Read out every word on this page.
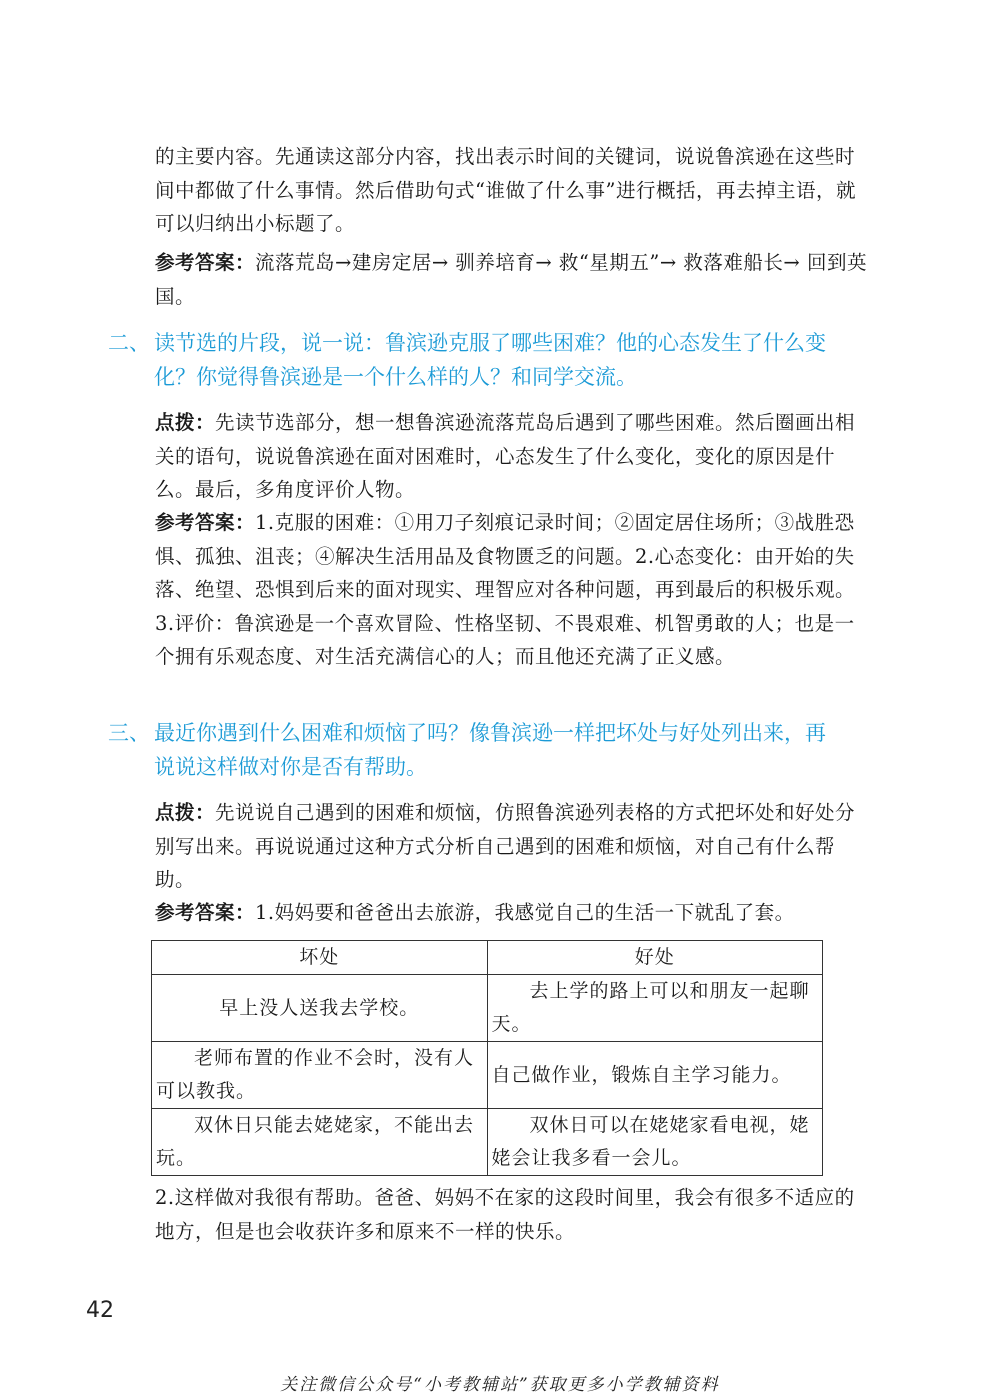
的主要内容。先通读这部分内容，找出表示时间的关键词，说说鲁滨逊在这些时间中都做了什么事情。然后借助句式“谁做了什么事”进行概括，再去掉主语，就可以归纳出小标题了。

参考答案：流落荒岛→建房定居→ 驯养培育→ 救“星期五”→ 救落难船长→ 回到英国。

二、 读节选的片段，说一说：鲁滨逊克服了哪些困难？他的心态发生了什么变
化？你觉得鲁滨逊是一个什么样的人？和同学交流。

点拨：先读节选部分，想一想鲁滨逊流落荒岛后遇到了哪些困难。然后圈画出相关的语句，说说鲁滨逊在面对困难时，心态发生了什么变化，变化的原因是什么。最后，多角度评价人物。

参考答案：1.克服的困难：①用刀子刻痕记录时间；②固定居住场所；③战胜恐惧、孤独、沮丧；④解决生活用品及食物匮乏的问题。2.心态变化：由开始的失落、绝望、恐惧到后来的面对现实、理智应对各种问题，再到最后的积极乐观。3.评价：鲁滨逊是一个喜欢冒险、性格坚韧、不畏艰难、机智勇敢的人；也是一个拥有乐观态度、对生活充满信心的人；而且他还充满了正义感。

三、 最近你遇到什么困难和烦恼了吗？像鲁滨逊一样把坏处与好处列出来，再
说说这样做对你是否有帮助。

点拨：先说说自己遇到的困难和烦恼，仿照鲁滨逊列表格的方式把坏处和好处分别写出来。再说说通过这种方式分析自己遇到的困难和烦恼，对自己有什么帮助。

参考答案：1.妈妈要和爸爸出去旅游，我感觉自己的生活一下就乱了套。

坏处	好处
早上没人送我去学校。	去上学的路上可以和朋友一起聊天。
老师布置的作业不会时，没有人可以教我。	自己做作业，锻炼自主学习能力。
双休日只能去姥姥家，不能出去玩。	双休日可以在姥姥家看电视，姥姥会让我多看一会儿。

2.这样做对我很有帮助。爸爸、妈妈不在家的这段时间里，我会有很多不适应的地方，但是也会收获许多和原来不一样的快乐。

42
关注微信公众号“小考教辅站”获取更多小学教辅资料
